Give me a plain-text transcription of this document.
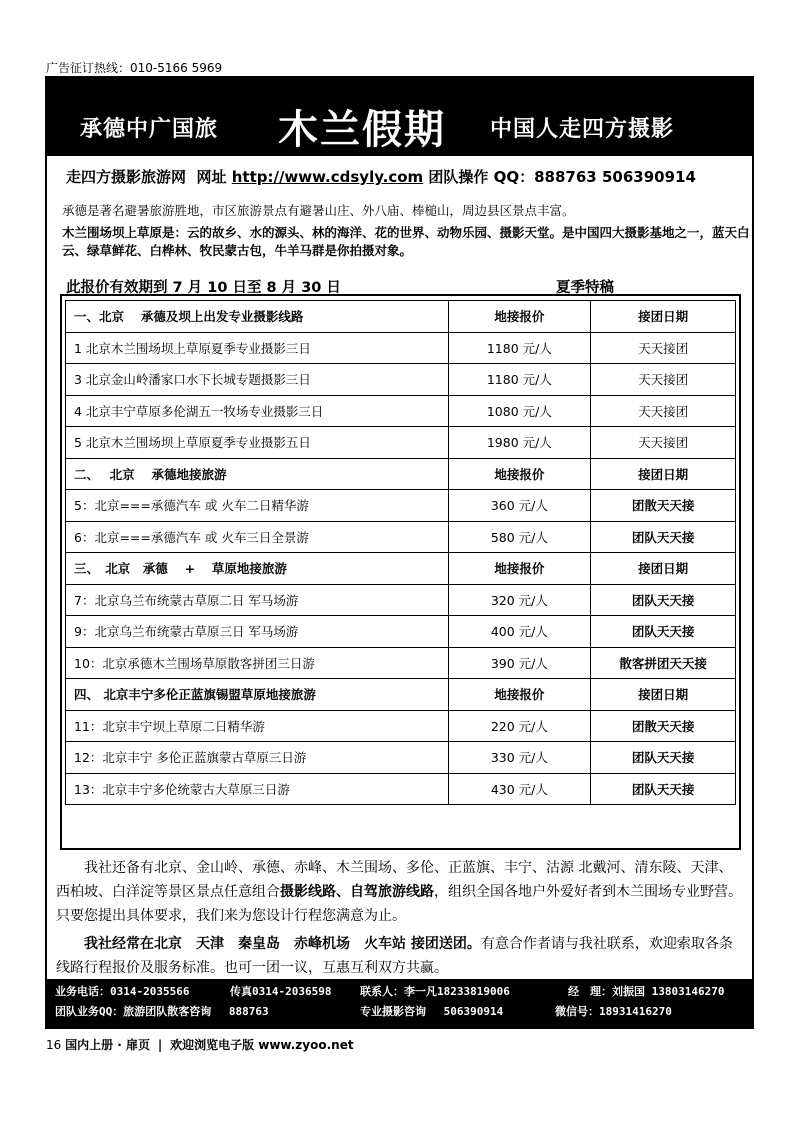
广告征订热线：010-5166 5969
承德中广国旅 木兰假期 中国人走四方摄影
走四方摄影旅游网 网址 http://www.cdsyly.com 团队操作 QQ：888763 506390914
承德是著名避暑旅游胜地，市区旅游景点有避暑山庄、外八庙、棒槌山，周边县区景点丰富。
木兰围场坝上草原是：云的故乡、水的源头、林的海洋、花的世界、动物乐园、摄影天堂。是中国四大摄影基地之一，蓝天白云、绿草鲜花、白桦林、牧民蒙古包，牛羊马群是你拍摄对象。
此报价有效期到 7 月 10 日至 8 月 30 日	夏季特稿
一、北京　 承德及坝上出发专业摄影线路	地接报价	接团日期
1 北京木兰围场坝上草原夏季专业摄影三日	1180 元/人	天天接团
3 北京金山岭潘家口水下长城专题摄影三日	1180 元/人	天天接团
4 北京丰宁草原多伦湖五一牧场专业摄影三日	1080 元/人	天天接团
5 北京木兰围场坝上草原夏季专业摄影五日	1980 元/人	天天接团
二、　 北京　 承德地接旅游	地接报价	接团日期
5：北京===承德汽车 或 火车二日精华游	360 元/人	团散天天接
6：北京===承德汽车 或 火车三日全景游	580 元/人	团队天天接
三、　北京　承德　 +　 草原地接旅游	地接报价	接团日期
7：北京乌兰布统蒙古草原二日 军马场游	320 元/人	团队天天接
9：北京乌兰布统蒙古草原三日 军马场游	400 元/人	团队天天接
10：北京承德木兰围场草原散客拼团三日游	390 元/人	散客拼团天天接
四、 北京丰宁多伦正蓝旗锡盟草原地接旅游	地接报价	接团日期
11：北京丰宁坝上草原二日精华游	220 元/人	团散天天接
12：北京丰宁 多伦正蓝旗蒙古草原三日游	330 元/人	团队天天接
13：北京丰宁多伦统蒙古大草原三日游	430 元/人	团队天天接
我社还备有北京、金山岭、承德、赤峰、木兰围场、多伦、正蓝旗、丰宁、沽源 北戴河、清东陵、天津、西柏坡、白洋淀等景区景点任意组合摄影线路、自驾旅游线路，组织全国各地户外爱好者到木兰围场专业野营。只要您提出具体要求，我们来为您设计行程您满意为止。
我社经常在北京　天津　秦皇岛　赤峰机场　火车站 接团送团。有意合作者请与我社联系，欢迎索取各条线路行程报价及服务标准。也可一团一议，互惠互利双方共赢。
业务电话：0314-2035566	传真0314-2036598	联系人：李一凡18233819006	经　理：刘振国 13803146270
团队业务QQ：旅游团队散客咨询　 888763	专业摄影咨询　 506390914	微信号：18931416270
16 国内上册 · 扉页 | 欢迎浏览电子版 www.zyoo.net
